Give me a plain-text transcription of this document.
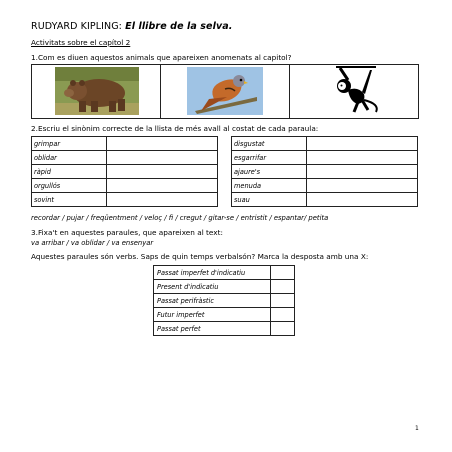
RUDYARD KIPLING: El llibre de la selva.
Activitats sobre el capítol 2
1.Com es diuen aquestos animals que apareixen anomenats al capitol?

2.Escriu el sinònim correcte de la llista de més avall al costat de cada paraula:
grimpar	
oblidar	
ràpid	
orgullós	
sovint	
disgustat	
esgarrifar	
ajaure's	
menuda	
suau	
recordar / pujar / freqüentment / veloç / fi / cregut / gitar-se / entristit / espantar/ petita
3.Fixa't en aquestes paraules, que apareixen al text:
va arribar / va oblidar / va ensenyar
Aquestes paraules són verbs. Saps de quin temps verbalsón? Marca la desposta amb una X:
Passat imperfet d'indicatiu	
Present d'indicatiu	
Passat perifràstic	
Futur imperfet	
Passat perfet	
1
